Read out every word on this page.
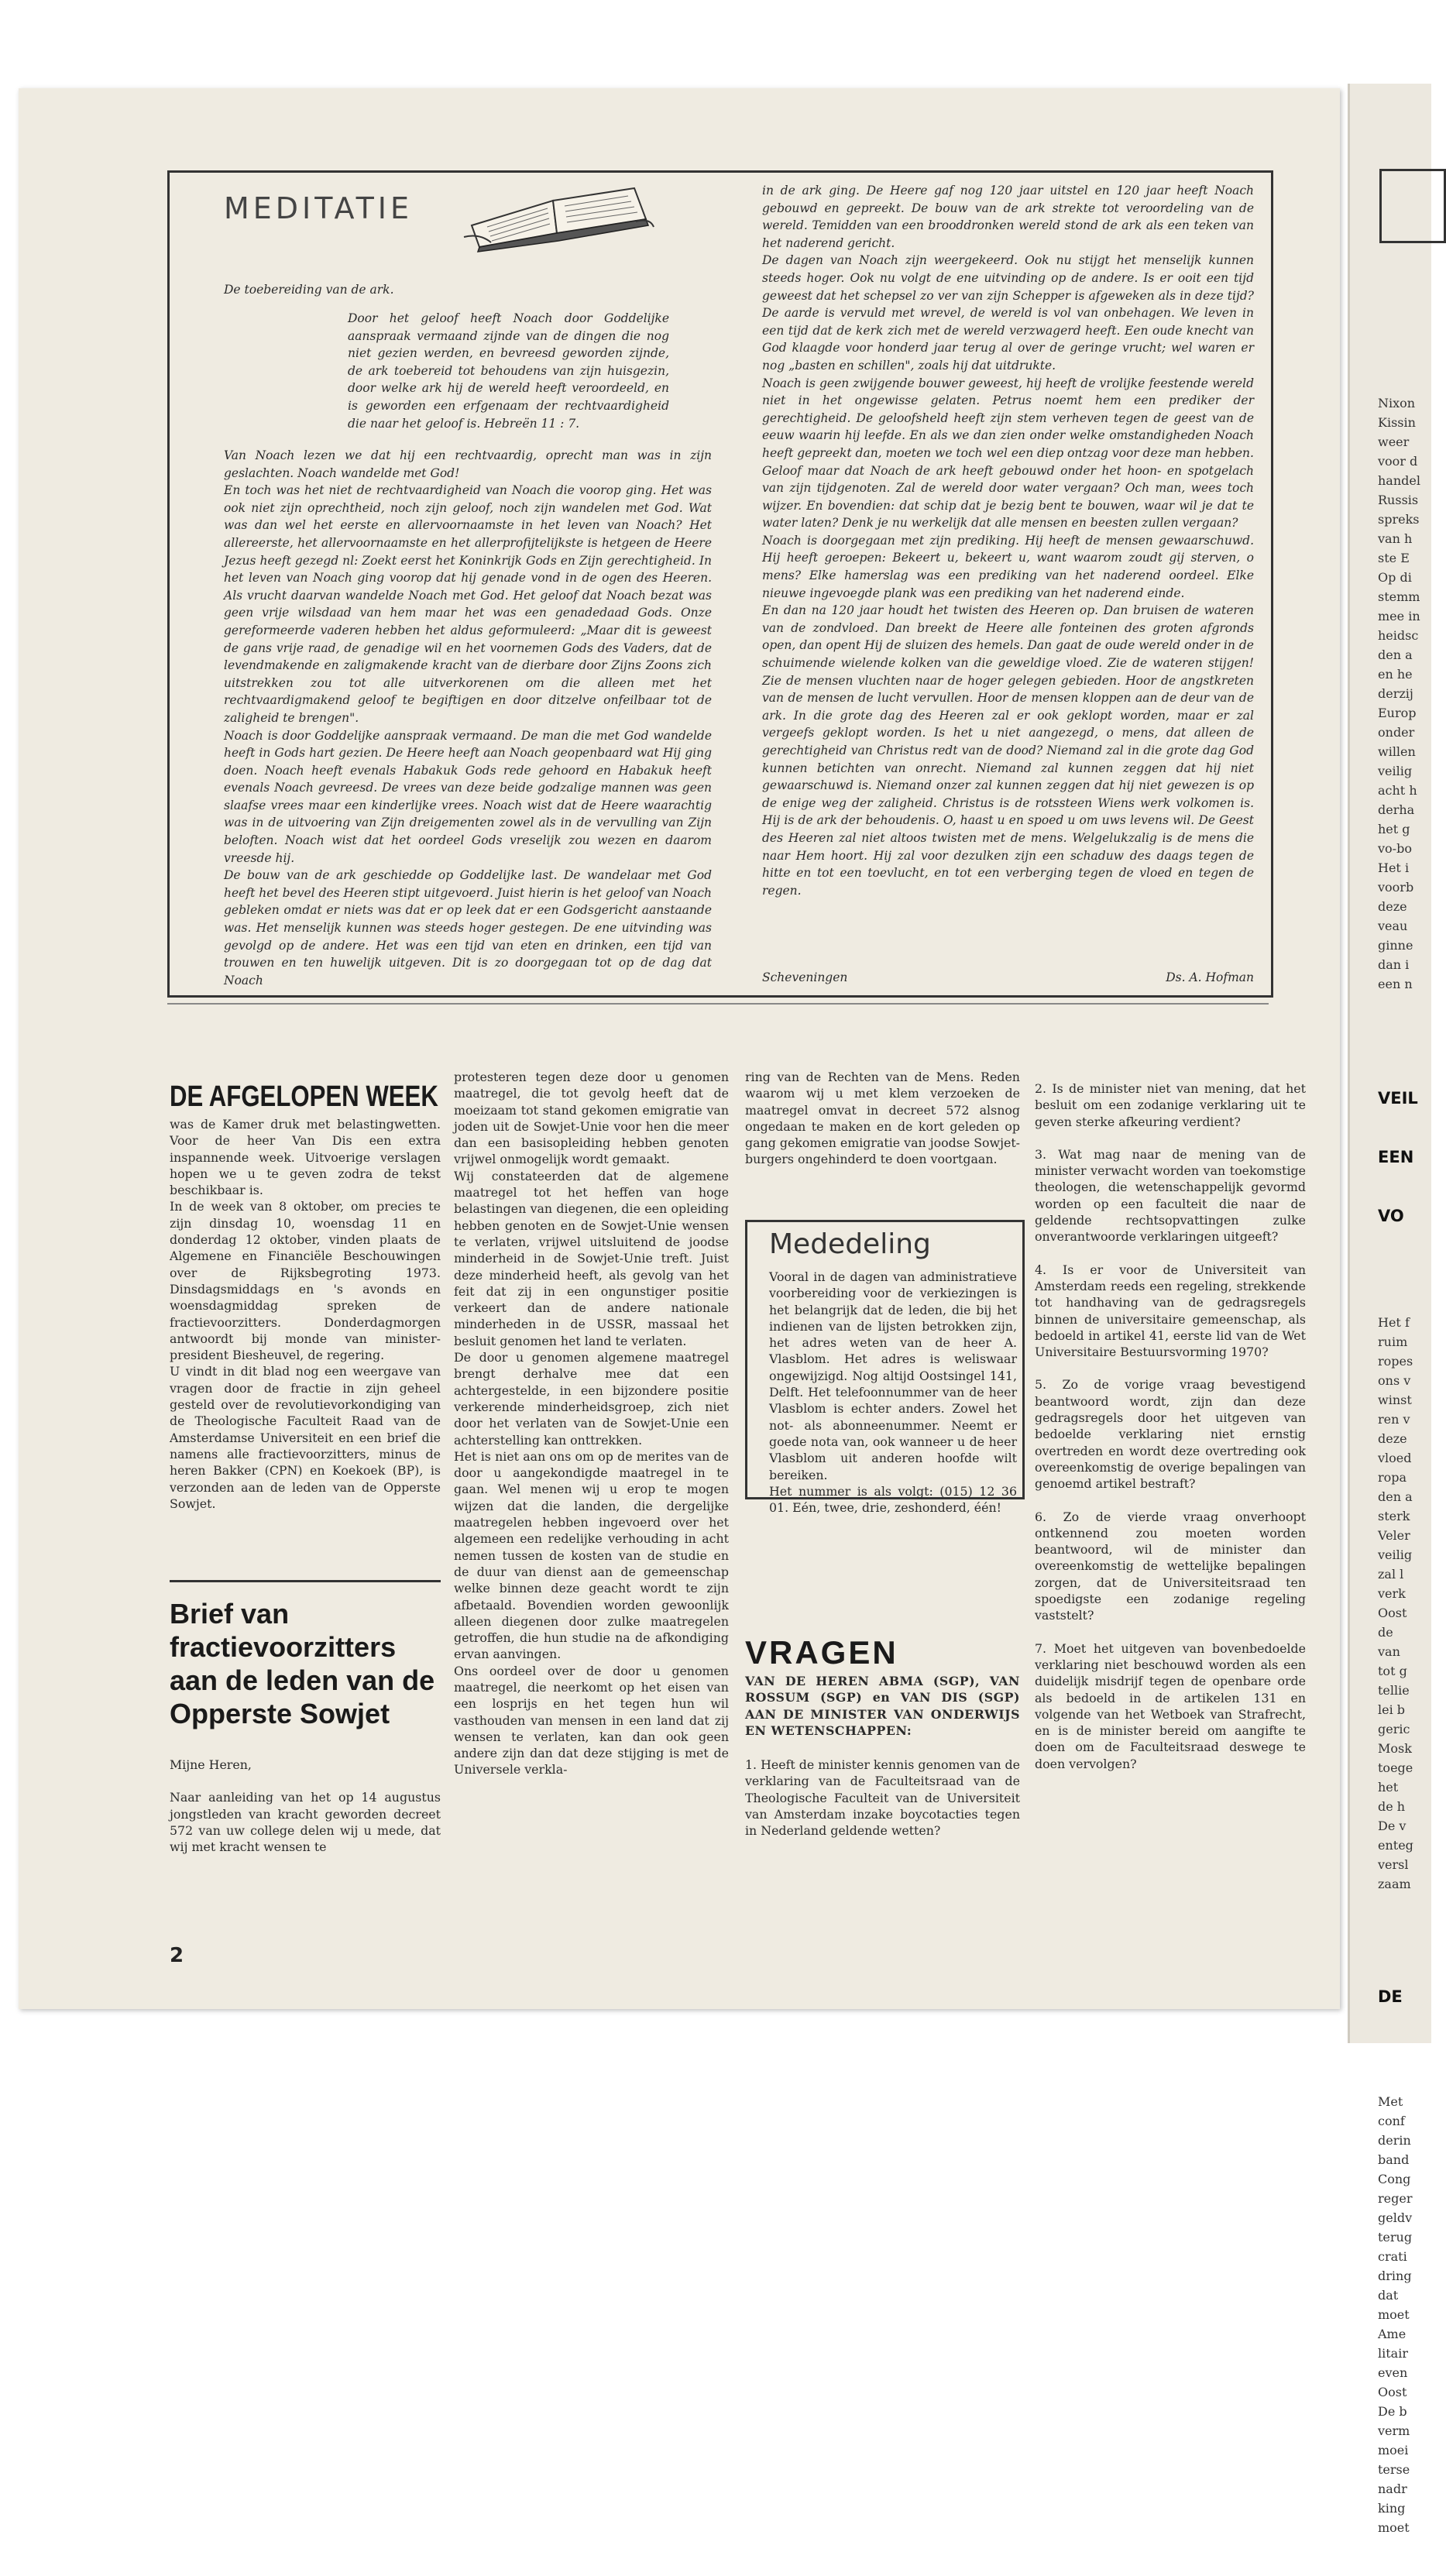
Nixon
Kissin
weer
voor d
handel
Russis
spreks
van h
ste E
Op di
stemm
mee in
heidsc
den a
en he
derzij
Europ
onder
willen
veilig
acht h
derha
het g
vo-bo
Het i
voorb
deze
veau
ginne
dan i
een n

VEIL

EEN

VO

Het f
ruim
ropes
ons v
winst
ren v
deze
vloed
ropa
den a
sterk
Veler
veilig
zal l
verk
Oost
de
van
tot g
tellie
lei b
geric
Mosk
toege
het
de h
De v
enteg
versl
zaam

DE

Met
conf
derin
band
Cong
reger
geldv
terug
crati
dring
dat
moet
Ame
litair
even
Oost
De b
verm
moei
terse
nadr
king
moet

MEDITATIE
De toebereiding van de ark.
Door het geloof heeft Noach door Goddelijke aanspraak vermaand zijnde van de dingen die nog niet gezien werden, en bevreesd geworden zijnde, de ark toebereid tot behoudens van zijn huisgezin, door welke ark hij de wereld heeft veroordeeld, en is geworden een erfgenaam der rechtvaardigheid die naar het geloof is. Hebreën 11 : 7.

Van Noach lezen we dat hij een rechtvaardig, oprecht man was in zijn geslachten. Noach wandelde met God!

En toch was het niet de rechtvaardigheid van Noach die voorop ging. Het was ook niet zijn oprechtheid, noch zijn geloof, noch zijn wandelen met God. Wat was dan wel het eerste en allervoornaamste in het leven van Noach? Het allereerste, het allervoornaamste en het allerprofijtelijkste is hetgeen de Heere Jezus heeft gezegd nl: Zoekt eerst het Koninkrijk Gods en Zijn gerechtigheid. In het leven van Noach ging voorop dat hij genade vond in de ogen des Heeren. Als vrucht daarvan wandelde Noach met God. Het geloof dat Noach bezat was geen vrije wilsdaad van hem maar het was een genadedaad Gods. Onze gereformeerde vaderen hebben het aldus geformuleerd: „Maar dit is geweest de gans vrije raad, de genadige wil en het voornemen Gods des Vaders, dat de levendmakende en zaligmakende kracht van de dierbare door Zijns Zoons zich uitstrekken zou tot alle uitverkorenen om die alleen met het rechtvaardigmakend geloof te begiftigen en door ditzelve onfeilbaar tot de zaligheid te brengen".

Noach is door Goddelijke aanspraak vermaand. De man die met God wandelde heeft in Gods hart gezien. De Heere heeft aan Noach geopenbaard wat Hij ging doen. Noach heeft evenals Habakuk Gods rede gehoord en Habakuk heeft evenals Noach gevreesd. De vrees van deze beide godzalige mannen was geen slaafse vrees maar een kinderlijke vrees. Noach wist dat de Heere waarachtig was in de uitvoering van Zijn dreigementen zowel als in de vervulling van Zijn beloften. Noach wist dat het oordeel Gods vreselijk zou wezen en daarom vreesde hij.

De bouw van de ark geschiedde op Goddelijke last. De wandelaar met God heeft het bevel des Heeren stipt uitgevoerd. Juist hierin is het geloof van Noach gebleken omdat er niets was dat er op leek dat er een Godsgericht aanstaande was. Het menselijk kunnen was steeds hoger gestegen. De ene uitvinding was gevolgd op de andere. Het was een tijd van eten en drinken, een tijd van trouwen en ten huwelijk uitgeven. Dit is zo doorgegaan tot op de dag dat Noach

in de ark ging. De Heere gaf nog 120 jaar uitstel en 120 jaar heeft Noach gebouwd en gepreekt. De bouw van de ark strekte tot veroordeling van de wereld. Temidden van een brooddronken wereld stond de ark als een teken van het naderend gericht.

De dagen van Noach zijn weergekeerd. Ook nu stijgt het menselijk kunnen steeds hoger. Ook nu volgt de ene uitvinding op de andere. Is er ooit een tijd geweest dat het schepsel zo ver van zijn Schepper is afgeweken als in deze tijd? De aarde is vervuld met wrevel, de wereld is vol van onbehagen. We leven in een tijd dat de kerk zich met de wereld verzwagerd heeft. Een oude knecht van God klaagde voor honderd jaar terug al over de geringe vrucht; wel waren er nog „basten en schillen", zoals hij dat uitdrukte.

Noach is geen zwijgende bouwer geweest, hij heeft de vrolijke feestende wereld niet in het ongewisse gelaten. Petrus noemt hem een prediker der gerechtigheid. De geloofsheld heeft zijn stem verheven tegen de geest van de eeuw waarin hij leefde. En als we dan zien onder welke omstandigheden Noach heeft gepreekt dan, moeten we toch wel een diep ontzag voor deze man hebben.

Geloof maar dat Noach de ark heeft gebouwd onder het hoon- en spotgelach van zijn tijdgenoten. Zal de wereld door water vergaan? Och man, wees toch wijzer. En bovendien: dat schip dat je bezig bent te bouwen, waar wil je dat te water laten? Denk je nu werkelijk dat alle mensen en beesten zullen vergaan?

Noach is doorgegaan met zijn prediking. Hij heeft de mensen gewaarschuwd. Hij heeft geroepen: Bekeert u, bekeert u, want waarom zoudt gij sterven, o mens? Elke hamerslag was een prediking van het naderend oordeel. Elke nieuwe ingevoegde plank was een prediking van het naderend einde.

En dan na 120 jaar houdt het twisten des Heeren op. Dan bruisen de wateren van de zondvloed. Dan breekt de Heere alle fonteinen des groten afgronds open, dan opent Hij de sluizen des hemels. Dan gaat de oude wereld onder in de schuimende wielende kolken van die geweldige vloed. Zie de wateren stijgen! Zie de mensen vluchten naar de hoger gelegen gebieden. Hoor de angstkreten van de mensen de lucht vervullen. Hoor de mensen kloppen aan de deur van de ark. In die grote dag des Heeren zal er ook geklopt worden, maar er zal vergeefs geklopt worden. Is het u niet aangezegd, o mens, dat alleen de gerechtigheid van Christus redt van de dood? Niemand zal in die grote dag God kunnen betichten van onrecht. Niemand zal kunnen zeggen dat hij niet gewaarschuwd is. Niemand onzer zal kunnen zeggen dat hij niet gewezen is op de enige weg der zaligheid. Christus is de rotssteen Wiens werk volkomen is. Hij is de ark der behoudenis. O, haast u en spoed u om uws levens wil. De Geest des Heeren zal niet altoos twisten met de mens. Welgelukzalig is de mens die naar Hem hoort. Hij zal voor dezulken zijn een schaduw des daags tegen de hitte en tot een toevlucht, en tot een verberging tegen de vloed en tegen de regen.

Scheveningen	Ds. A. Hofman
DE AFGELOPEN WEEK

was de Kamer druk met belastingwetten. Voor de heer Van Dis een extra inspannende week. Uitvoerige verslagen hopen we u te geven zodra de tekst beschikbaar is.

In de week van 8 oktober, om precies te zijn dinsdag 10, woensdag 11 en donderdag 12 oktober, vinden plaats de Algemene en Financiële Beschouwingen over de Rijksbegroting 1973. Dinsdagsmiddags en 's avonds en woensdagmiddag spreken de fractievoorzitters. Donderdagmorgen antwoordt bij monde van minister-president Biesheuvel, de regering.

U vindt in dit blad nog een weergave van vragen door de fractie in zijn geheel gesteld over de revolutievorkondiging van de Theologische Faculteit Raad van de Amsterdamse Universiteit en een brief die namens alle fractievoorzitters, minus de heren Bakker (CPN) en Koekoek (BP), is verzonden aan de leden van de Opperste Sowjet.

Brief van fractievoorzitters aan de leden van de Opperste Sowjet

Mijne Heren,

Naar aanleiding van het op 14 augustus jongstleden van kracht geworden decreet 572 van uw college delen wij u mede, dat wij met kracht wensen te

protesteren tegen deze door u genomen maatregel, die tot gevolg heeft dat de moeizaam tot stand gekomen emigratie van joden uit de Sowjet-Unie voor hen die meer dan een basisopleiding hebben genoten vrijwel onmogelijk wordt gemaakt.

Wij constateerden dat de algemene maatregel tot het heffen van hoge belastingen van diegenen, die een opleiding hebben genoten en de Sowjet-Unie wensen te verlaten, vrijwel uitsluitend de joodse minderheid in de Sowjet-Unie treft. Juist deze minderheid heeft, als gevolg van het feit dat zij in een ongunstiger positie verkeert dan de andere nationale minderheden in de USSR, massaal het besluit genomen het land te verlaten.

De door u genomen algemene maatregel brengt derhalve mee dat een achtergestelde, in een bijzondere positie verkerende minderheidsgroep, zich niet door het verlaten van de Sowjet-Unie een achterstelling kan onttrekken.

Het is niet aan ons om op de merites van de door u aangekondigde maatregel in te gaan. Wel menen wij u erop te mogen wijzen dat die landen, die dergelijke maatregelen hebben ingevoerd over het algemeen een redelijke verhouding in acht nemen tussen de kosten van de studie en de duur van dienst aan de gemeenschap welke binnen deze geacht wordt te zijn afbetaald. Bovendien worden gewoonlijk alleen diegenen door zulke maatregelen getroffen, die hun studie na de afkondiging ervan aanvingen.

Ons oordeel over de door u genomen maatregel, die neerkomt op het eisen van een losprijs en het tegen hun wil vasthouden van mensen in een land dat zij wensen te verlaten, kan dan ook geen andere zijn dan dat deze stijging is met de Universele verkla-

ring van de Rechten van de Mens. Reden waarom wij u met klem verzoeken de maatregel omvat in decreet 572 alsnog ongedaan te maken en de kort geleden op gang gekomen emigratie van joodse Sowjet-burgers ongehinderd te doen voortgaan.

Mededeling

Vooral in de dagen van administratieve voorbereiding voor de verkiezingen is het belangrijk dat de leden, die bij het indienen van de lijsten betrokken zijn, het adres weten van de heer A. Vlasblom. Het adres is weliswaar ongewijzigd. Nog altijd Oostsingel 141, Delft. Het telefoonnummer van de heer Vlasblom is echter anders. Zowel het not- als abonneenummer. Neemt er goede nota van, ook wanneer u de heer Vlasblom uit anderen hoofde wilt bereiken.

Het nummer is als volgt: (015) 12 36 01. Eén, twee, drie, zeshonderd, één!

VRAGEN
VAN DE HEREN ABMA (SGP), VAN ROSSUM (SGP) en VAN DIS (SGP) AAN DE MINISTER VAN ONDERWIJS EN WETENSCHAPPEN:

1. Heeft de minister kennis genomen van de verklaring van de Faculteitsraad van de Theologische Faculteit van de Universiteit van Amsterdam inzake boycotacties tegen in Nederland geldende wetten?

2. Is de minister niet van mening, dat het besluit om een zodanige verklaring uit te geven sterke afkeuring verdient?

3. Wat mag naar de mening van de minister verwacht worden van toekomstige theologen, die wetenschappelijk gevormd worden op een faculteit die naar de geldende rechtsopvattingen zulke onverantwoorde verklaringen uitgeeft?

4. Is er voor de Universiteit van Amsterdam reeds een regeling, strekkende tot handhaving van de gedragsregels binnen de universitaire gemeenschap, als bedoeld in artikel 41, eerste lid van de Wet Universitaire Bestuursvorming 1970?

5. Zo de vorige vraag bevestigend beantwoord wordt, zijn dan deze gedragsregels door het uitgeven van bedoelde verklaring niet ernstig overtreden en wordt deze overtreding ook overeenkomstig de overige bepalingen van genoemd artikel bestraft?

6. Zo de vierde vraag onverhoopt ontkennend zou moeten worden beantwoord, wil de minister dan overeenkomstig de wettelijke bepalingen zorgen, dat de Universiteitsraad ten spoedigste een zodanige regeling vaststelt?

7. Moet het uitgeven van bovenbedoelde verklaring niet beschouwd worden als een duidelijk misdrijf tegen de openbare orde als bedoeld in de artikelen 131 en volgende van het Wetboek van Strafrecht, en is de minister bereid om aangifte te doen om de Faculteitsraad deswege te doen vervolgen?

2
